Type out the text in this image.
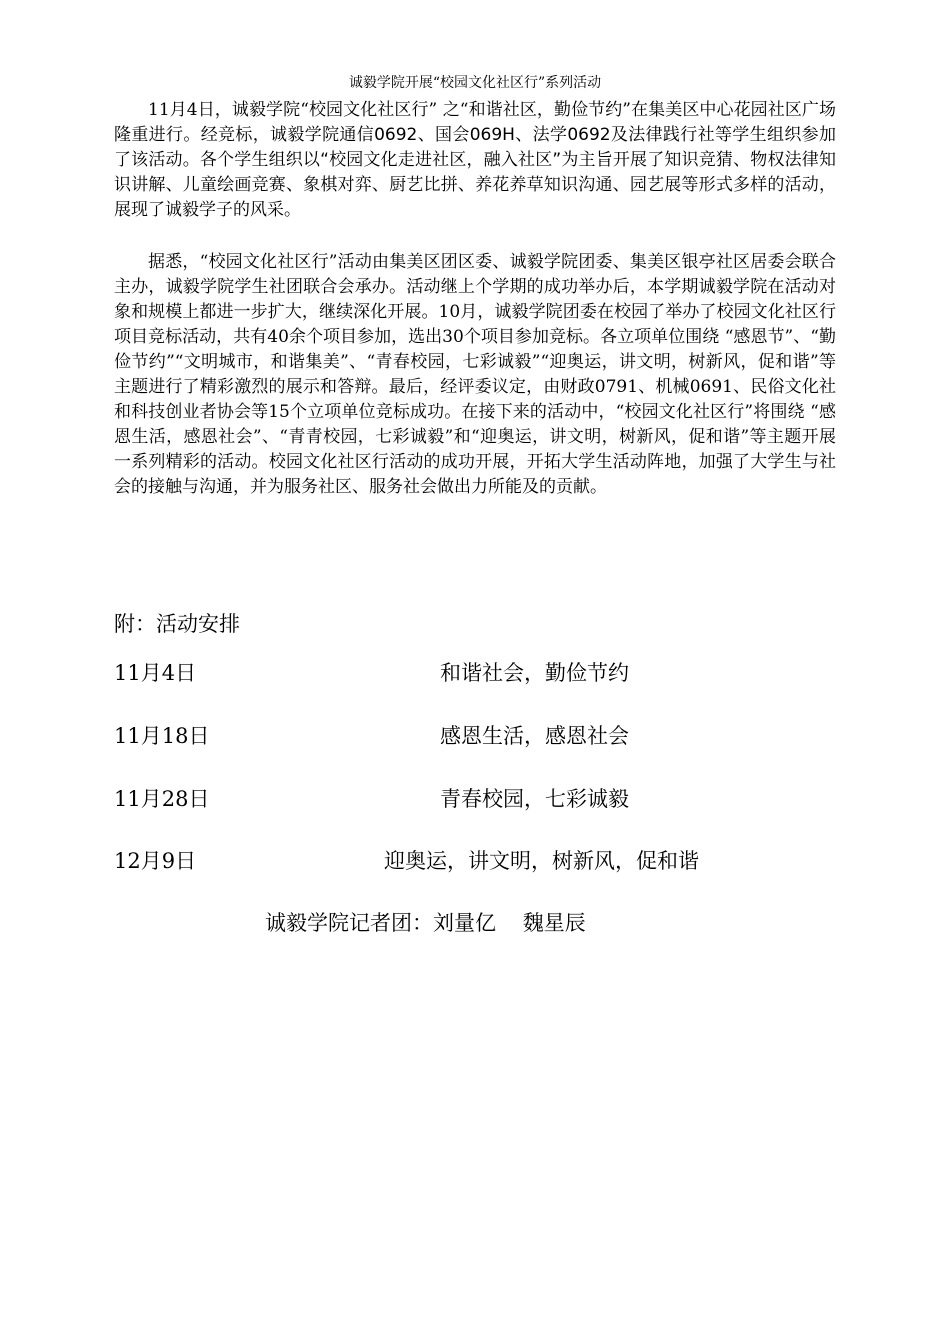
诚毅学院开展“校园文化社区行”系列活动

11月4日，诚毅学院“校园文化社区行” 之“和谐社区，勤俭节约”在集美区中心花园社区广场隆重进行。经竞标，诚毅学院通信0692、国会069H、法学0692及法律践行社等学生组织参加了该活动。各个学生组织以“校园文化走进社区，融入社区”为主旨开展了知识竞猜、物权法律知识讲解、儿童绘画竞赛、象棋对弈、厨艺比拼、养花养草知识沟通、园艺展等形式多样的活动，展现了诚毅学子的风采。

据悉，“校园文化社区行”活动由集美区团区委、诚毅学院团委、集美区银亭社区居委会联合主办，诚毅学院学生社团联合会承办。活动继上个学期的成功举办后，本学期诚毅学院在活动对象和规模上都进一步扩大，继续深化开展。10月，诚毅学院团委在校园了举办了校园文化社区行项目竞标活动，共有40余个项目参加，选出30个项目参加竞标。各立项单位围绕 “感恩节”、“勤俭节约”“文明城市，和谐集美”、“青春校园，七彩诚毅”“迎奥运，讲文明，树新风，促和谐”等主题进行了精彩激烈的展示和答辩。最后，经评委议定，由财政0791、机械0691、民俗文化社和科技创业者协会等15个立项单位竞标成功。在接下来的活动中，“校园文化社区行”将围绕 “感恩生活，感恩社会”、“青青校园，七彩诚毅”和“迎奥运，讲文明，树新风，促和谐”等主题开展一系列精彩的活动。校园文化社区行活动的成功开展，开拓大学生活动阵地，加强了大学生与社会的接触与沟通，并为服务社区、服务社会做出力所能及的贡献。

附：活动安排
11月4日	和谐社会，勤俭节约
11月18日	感恩生活，感恩社会
11月28日	青春校园，七彩诚毅
12月9日	迎奥运，讲文明，树新风，促和谐
诚毅学院记者团：刘量亿    魏星辰
